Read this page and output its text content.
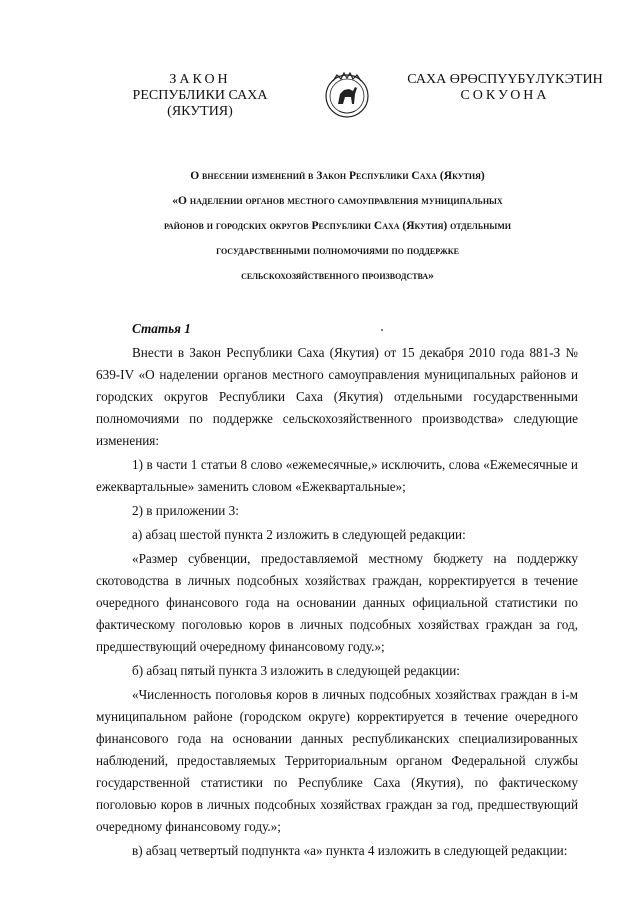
ЗАКОН
РЕСПУБЛИКИ САХА (ЯКУТИЯ)
САХА ӨРӨСПҮҮБҮЛҮКЭТИН
СОКУОНА
О внесении изменений в Закон Республики Саха (Якутия)
«О наделении органов местного самоуправления муниципальных
районов и городских округов Республики Саха (Якутия) отдельными
государственными полномочиями по поддержке
сельскохозяйственного производства»
Статья 1

Внести в Закон Республики Саха (Якутия) от 15 декабря 2010 года 881-З № 639-IV «О наделении органов местного самоуправления муниципальных районов и городских округов Республики Саха (Якутия) отдельными государственными полномочиями по поддержке сельскохозяйственного производства» следующие изменения:

1) в части 1 статьи 8 слово «ежемесячные,» исключить, слова «Ежемесячные и ежеквартальные» заменить словом «Ежеквартальные»;

2) в приложении 3:

а) абзац шестой пункта 2 изложить в следующей редакции:

«Размер субвенции, предоставляемой местному бюджету на поддержку скотоводства в личных подсобных хозяйствах граждан, корректируется в течение очередного финансового года на основании данных официальной статистики по фактическому поголовью коров в личных подсобных хозяйствах граждан за год, предшествующий очередному финансовому году.»;

б) абзац пятый пункта 3 изложить в следующей редакции:

«Численность поголовья коров в личных подсобных хозяйствах граждан в i-м муниципальном районе (городском округе) корректируется в течение очередного финансового года на основании данных республиканских специализированных наблюдений, предоставляемых Территориальным органом Федеральной службы государственной статистики по Республике Саха (Якутия), по фактическому поголовью коров в личных подсобных хозяйствах граждан за год, предшествующий очередному финансовому году.»;

в) абзац четвертый подпункта «а» пункта 4 изложить в следующей редакции:
